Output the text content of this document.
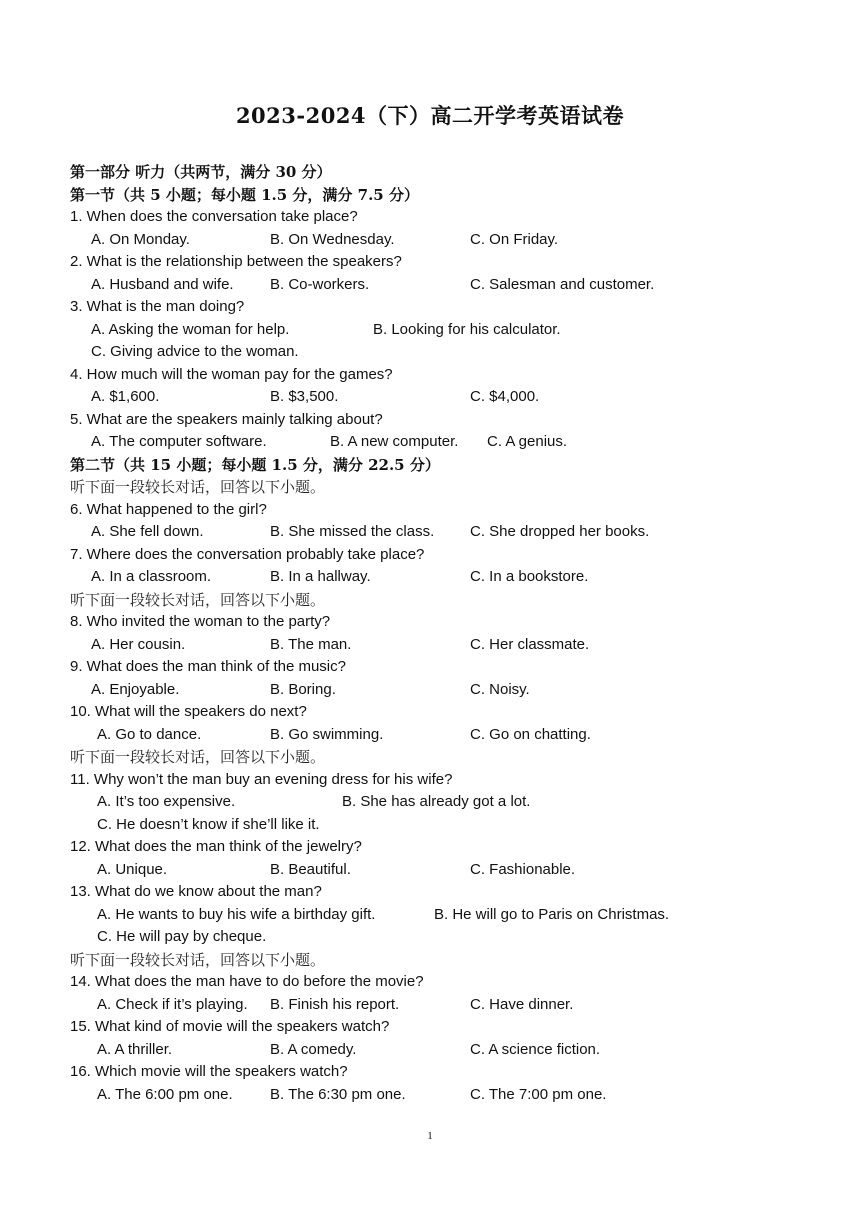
2023-2024（下）高二开学考英语试卷
第一部分 听力（共两节，满分 30 分）
第一节（共 5 小题；每小题 1.5 分，满分 7.5 分）
1. When does the conversation take place?
A. On Monday.	B. On Wednesday.	C. On Friday.
2. What is the relationship between the speakers?
A. Husband and wife. B. Co-workers.	C. Salesman and customer.
3. What is the man doing?
A. Asking the woman for help.	B. Looking for his calculator.
C. Giving advice to the woman.
4. How much will the woman pay for the games?
A. $1,600.	B. $3,500.	C. $4,000.
5. What are the speakers mainly talking about?
A. The computer software.	B. A new computer. C. A genius.
第二节（共 15 小题；每小题 1.5 分，满分 22.5 分）
听下面一段较长对话，回答以下小题。
6. What happened to the girl?
A. She fell down.	B. She missed the class. C. She dropped her books.
7. Where does the conversation probably take place?
A. In a classroom.	B. In a hallway.	C. In a bookstore.
听下面一段较长对话，回答以下小题。
8. Who invited the woman to the party?
A. Her cousin.	B. The man.	C. Her classmate.
9. What does the man think of the music?
A. Enjoyable.	B. Boring.	C. Noisy.
10. What will the speakers do next?
A. Go to dance.	B. Go swimming.	C. Go on chatting.
听下面一段较长对话，回答以下小题。
11. Why won’t the man buy an evening dress for his wife?
A. It’s too expensive.	B. She has already got a lot.
C. He doesn’t know if she’ll like it.
12. What does the man think of the jewelry?
A. Unique.	B. Beautiful.	C. Fashionable.
13. What do we know about the man?
A. He wants to buy his wife a birthday gift.	B. He will go to Paris on Christmas.
C. He will pay by cheque.
听下面一段较长对话，回答以下小题。
14. What does the man have to do before the movie?
A. Check if it’s playing. B. Finish his report.	C. Have dinner.
15. What kind of movie will the speakers watch?
A. A thriller.	B. A comedy.	C. A science fiction.
16. Which movie will the speakers watch?
A. The 6:00 pm one. B. The 6:30 pm one.	C. The 7:00 pm one.
1
